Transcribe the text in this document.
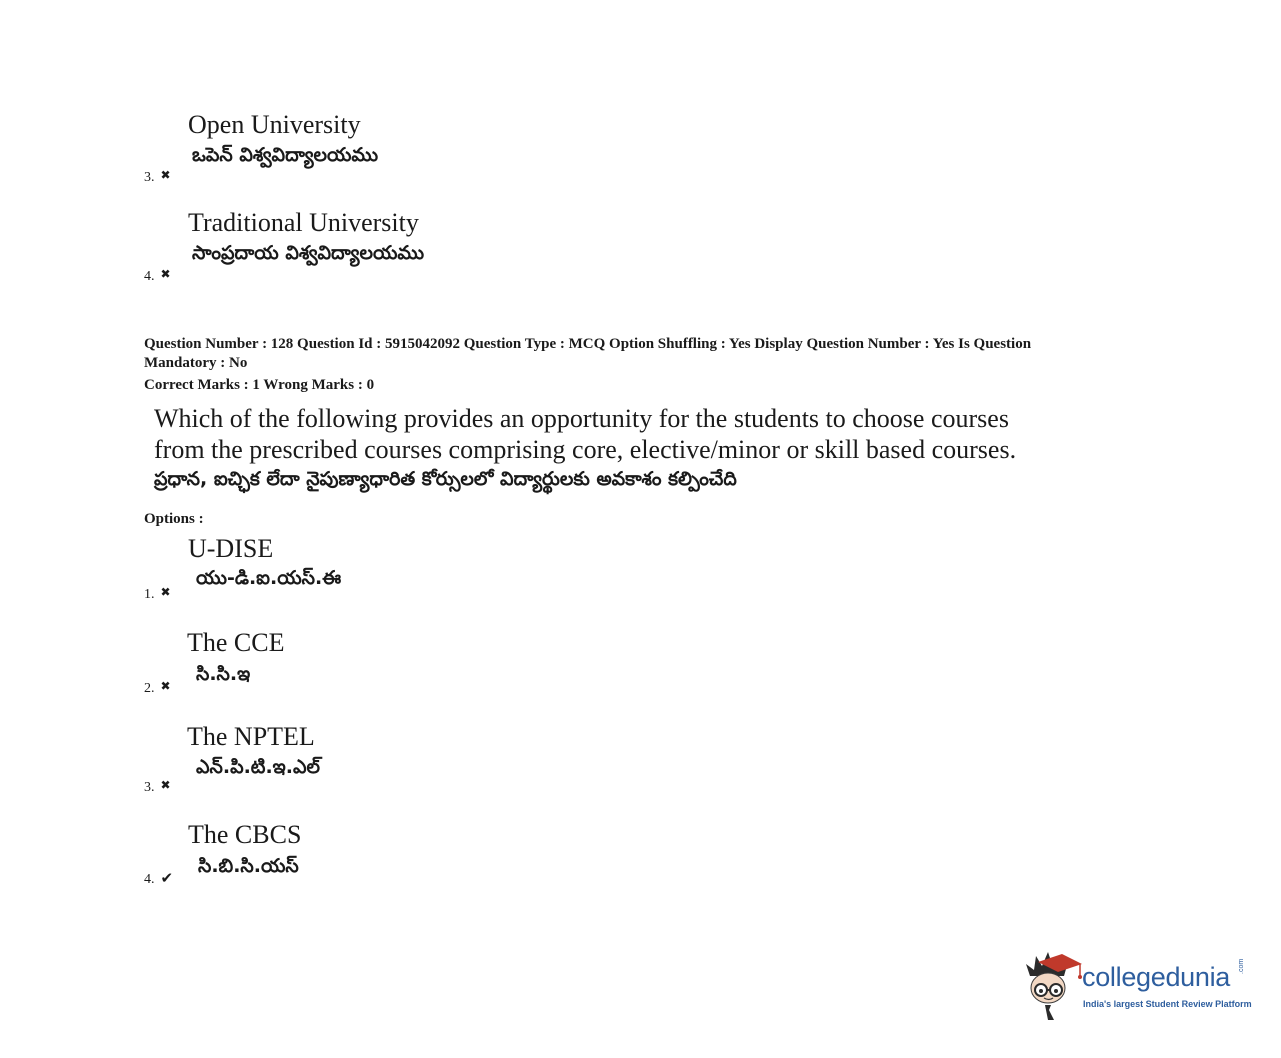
Open University
ఒపెన్ విశ్వవిద్యాలయము
3. ✖
Traditional University
సాంప్రదాయ విశ్వవిద్యాలయము
4. ✖
Question Number : 128 Question Id : 5915042092 Question Type : MCQ Option Shuffling : Yes Display Question Number : Yes Is Question
Mandatory : No
Correct Marks : 1 Wrong Marks : 0
Which of the following provides an opportunity for the students to choose courses
from the prescribed courses comprising core, elective/minor or skill based courses.
ప్రధాన, ఐచ్ఛిక లేదా నైపుణ్యాధారిత కోర్సులలో విద్యార్థులకు అవకాశం కల్పించేది
Options :
U-DISE
యు-డి.ఐ.యస్.ఈ
1. ✖
The CCE
సి.సి.ఇ
2. ✖
The NPTEL
ఎన్.పి.టి.ఇ.ఎల్
3. ✖
The CBCS
సి.బి.సి.యస్
4. ✔
collegedunia .com
India's largest Student Review Platform
